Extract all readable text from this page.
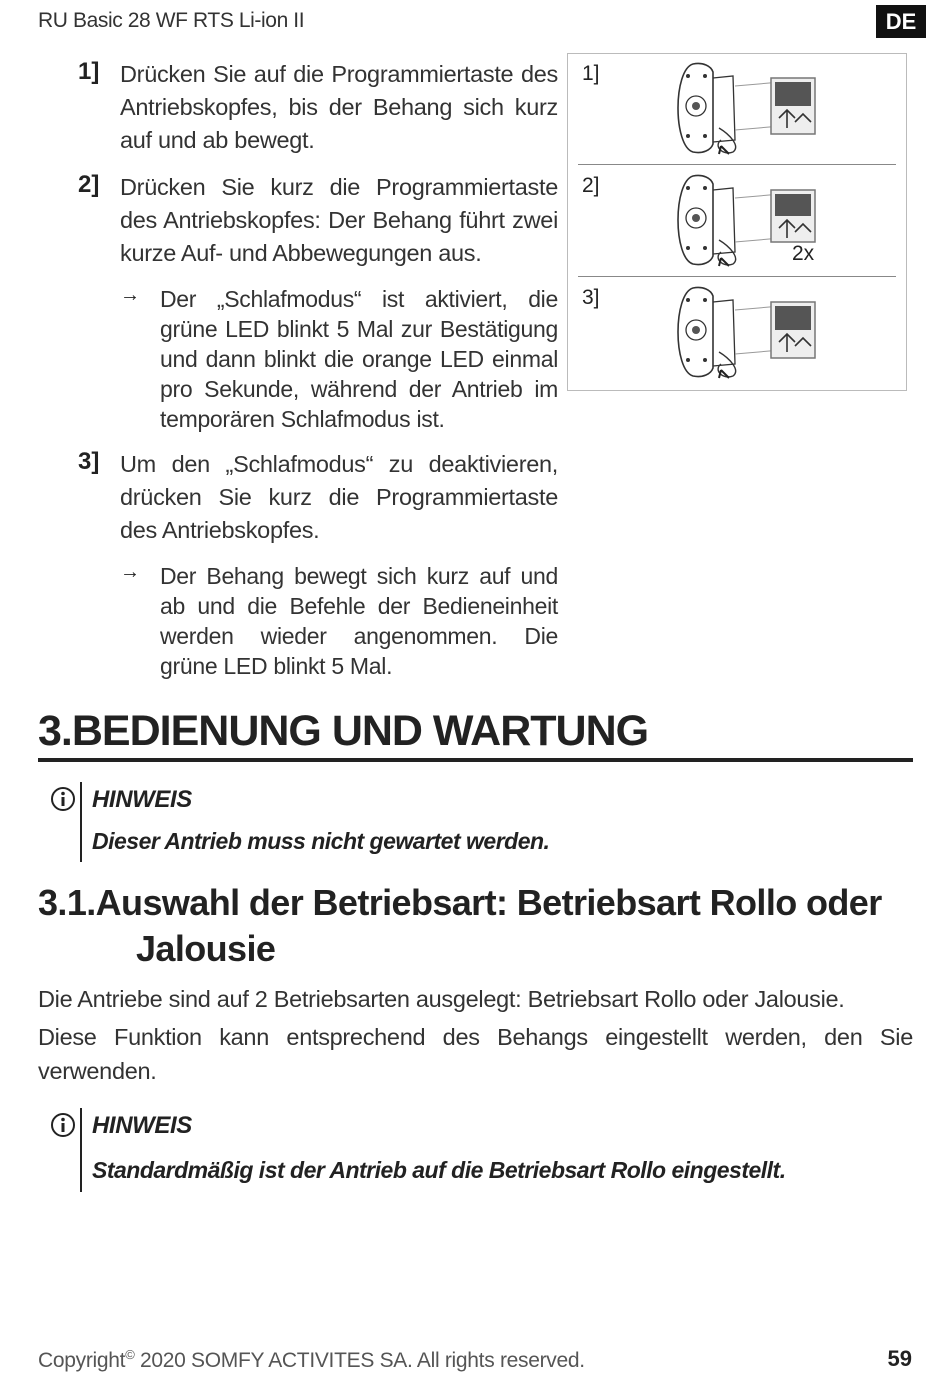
RU Basic 28 WF RTS Li-ion II	DE
1] Drücken Sie auf die Programmiertaste des Antriebskopfes, bis der Behang sich kurz auf und ab bewegt.

2] Drücken Sie kurz die Programmiertaste des Antriebskopfes: Der Behang führt zwei kurze Auf- und Abbewegungen aus.

→ Der „Schlafmodus“ ist aktiviert, die grüne LED blinkt 5 Mal zur Bestätigung und dann blinkt die orange LED einmal pro Sekunde, während der Antrieb im temporären Schlafmodus ist.

3] Um den „Schlafmodus“ zu deaktivieren, drücken Sie kurz die Programmiertaste des Antriebskopfes.

→ Der Behang bewegt sich kurz auf und ab und die Befehle der Bedieneinheit werden wieder angenommen. Die grüne LED blinkt 5 Mal.

1]
2]
2x
3]
3.BEDIENUNG UND WARTUNG

HINWEIS

Dieser Antrieb muss nicht gewartet werden.

3.1.Auswahl der Betriebsart: Betriebsart Rollo oder
Jalousie

Die Antriebe sind auf 2 Betriebsarten ausgelegt: Betriebsart Rollo oder Jalousie.

Diese Funktion kann entsprechend des Behangs eingestellt werden, den Sie verwenden.

HINWEIS

Standardmäßig ist der Antrieb auf die Betriebsart Rollo eingestellt.

Copyright© 2020 SOMFY ACTIVITES SA. All rights reserved.	59
